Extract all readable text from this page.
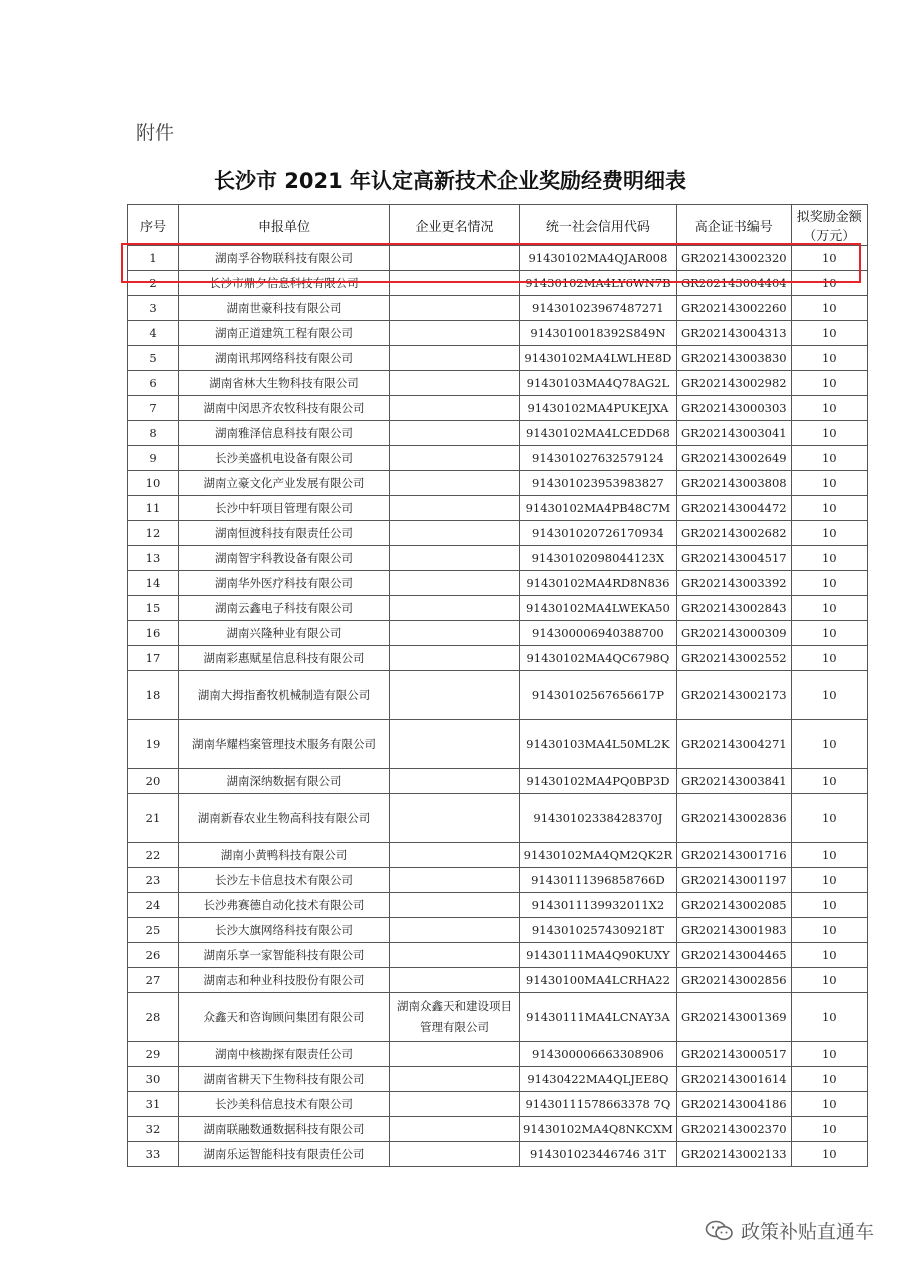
附件
长沙市 2021 年认定高新技术企业奖励经费明细表
序号	申报单位	企业更名情况	统一社会信用代码	高企证书编号	拟奖励金额（万元）
1	湖南孚谷物联科技有限公司		91430102MA4QJAR008	GR202143002320	10
2	长沙市鼎夕信息科技有限公司		91430102MA4LY6WN7B	GR202143004404	10
3	湖南世豪科技有限公司		914301023967487271	GR202143002260	10
4	湖南正道建筑工程有限公司		9143010018392S849N	GR202143004313	10
5	湖南讯邦网络科技有限公司		91430102MA4LWLHE8D	GR202143003830	10
6	湖南省林大生物科技有限公司		91430103MA4Q78AG2L	GR202143002982	10
7	湖南中闵思齐农牧科技有限公司		91430102MA4PUKEJXA	GR202143000303	10
8	湖南雅泽信息科技有限公司		91430102MA4LCEDD68	GR202143003041	10
9	长沙美盛机电设备有限公司		914301027632579124	GR202143002649	10
10	湖南立豪文化产业发展有限公司		914301023953983827	GR202143003808	10
11	长沙中轩项目管理有限公司		91430102MA4PB48C7M	GR202143004472	10
12	湖南恒渡科技有限责任公司		914301020726170934	GR202143002682	10
13	湖南智宇科教设备有限公司		91430102098044123X	GR202143004517	10
14	湖南华外医疗科技有限公司		91430102MA4RD8N836	GR202143003392	10
15	湖南云鑫电子科技有限公司		91430102MA4LWEKA50	GR202143002843	10
16	湖南兴隆种业有限公司		914300006940388700	GR202143000309	10
17	湖南彩惠赋星信息科技有限公司		91430102MA4QC6798Q	GR202143002552	10
18	湖南大拇指畜牧机械制造有限公司		91430102567656617P	GR202143002173	10
19	湖南华耀档案管理技术服务有限公司		91430103MA4L50ML2K	GR202143004271	10
20	湖南深纳数据有限公司		91430102MA4PQ0BP3D	GR202143003841	10
21	湖南新春农业生物高科技有限公司		91430102338428370J	GR202143002836	10
22	湖南小黄鸭科技有限公司		91430102MA4QM2QK2R	GR202143001716	10
23	长沙左卡信息技术有限公司		91430111396858766D	GR202143001197	10
24	长沙弗赛德自动化技术有限公司		9143011139932011X2	GR202143002085	10
25	长沙大旗网络科技有限公司		91430102574309218T	GR202143001983	10
26	湖南乐享一家智能科技有限公司		91430111MA4Q90KUXY	GR202143004465	10
27	湖南志和种业科技股份有限公司		91430100MA4LCRHA22	GR202143002856	10
28	众鑫天和咨询顾问集团有限公司	湖南众鑫天和建设项目管理有限公司	91430111MA4LCNAY3A	GR202143001369	10
29	湖南中核勘探有限责任公司		914300006663308906	GR202143000517	10
30	湖南省耕天下生物科技有限公司		91430422MA4QLJEE8Q	GR202143001614	10
31	长沙美科信息技术有限公司		91430111578663378 7Q	GR202143004186	10
32	湖南联融数通数据科技有限公司		91430102MA4Q8NKCXM	GR202143002370	10
33	湖南乐运智能科技有限责任公司		914301023446746 31T	GR202143002133	10
政策补贴直通车
